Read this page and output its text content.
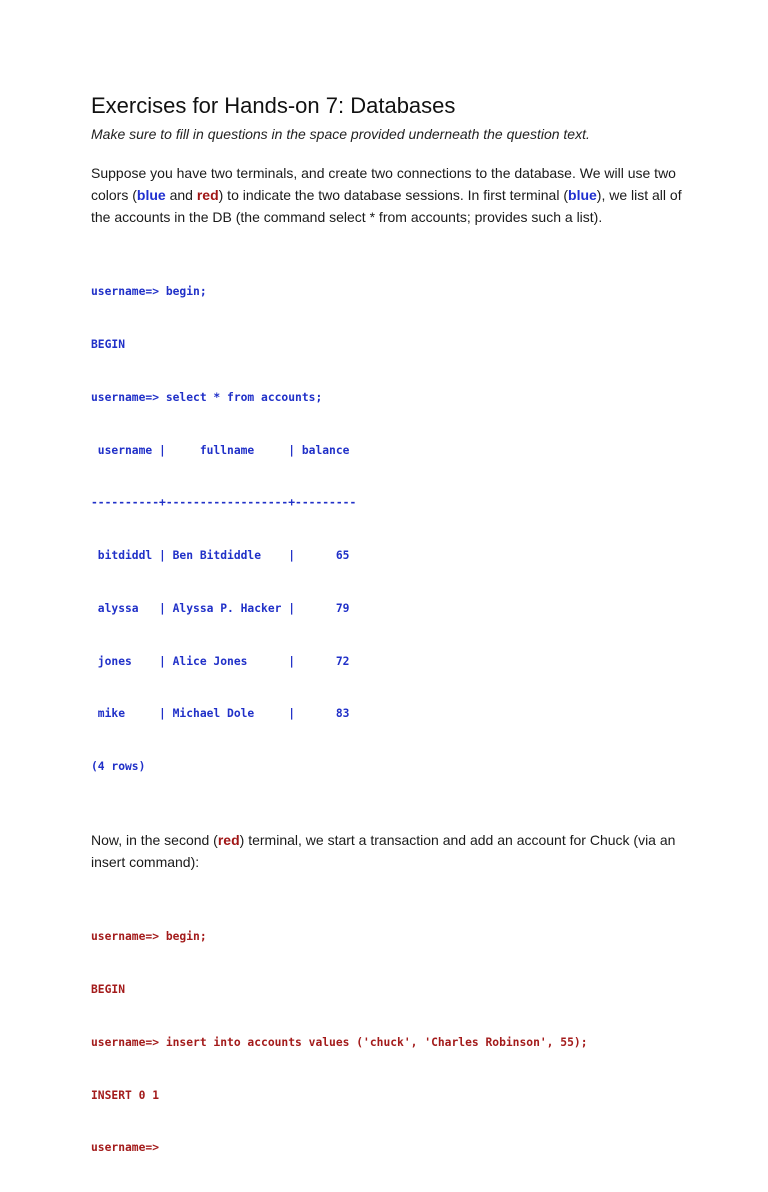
Exercises for Hands-on 7: Databases

Make sure to fill in questions in the space provided underneath the question text.

Suppose you have two terminals, and create two connections to the database. We will use two
colors (blue and red) to indicate the two database sessions. In first terminal (blue), we list all of
the accounts in the DB (the command select * from accounts; provides such a list).

username=> begin;

BEGIN

username=> select * from accounts;

username |     fullname     | balance

----------+------------------+---------

bitdiddl | Ben Bitdiddle    |      65

alyssa   | Alyssa P. Hacker |      79

jones    | Alice Jones      |      72

mike     | Michael Dole     |      83

(4 rows)

Now, in the second (red) terminal, we start a transaction and add an account for Chuck (via an
insert command):

username=> begin;

BEGIN

username=> insert into accounts values ('chuck', 'Charles Robinson', 55);

INSERT 0 1

username=>
